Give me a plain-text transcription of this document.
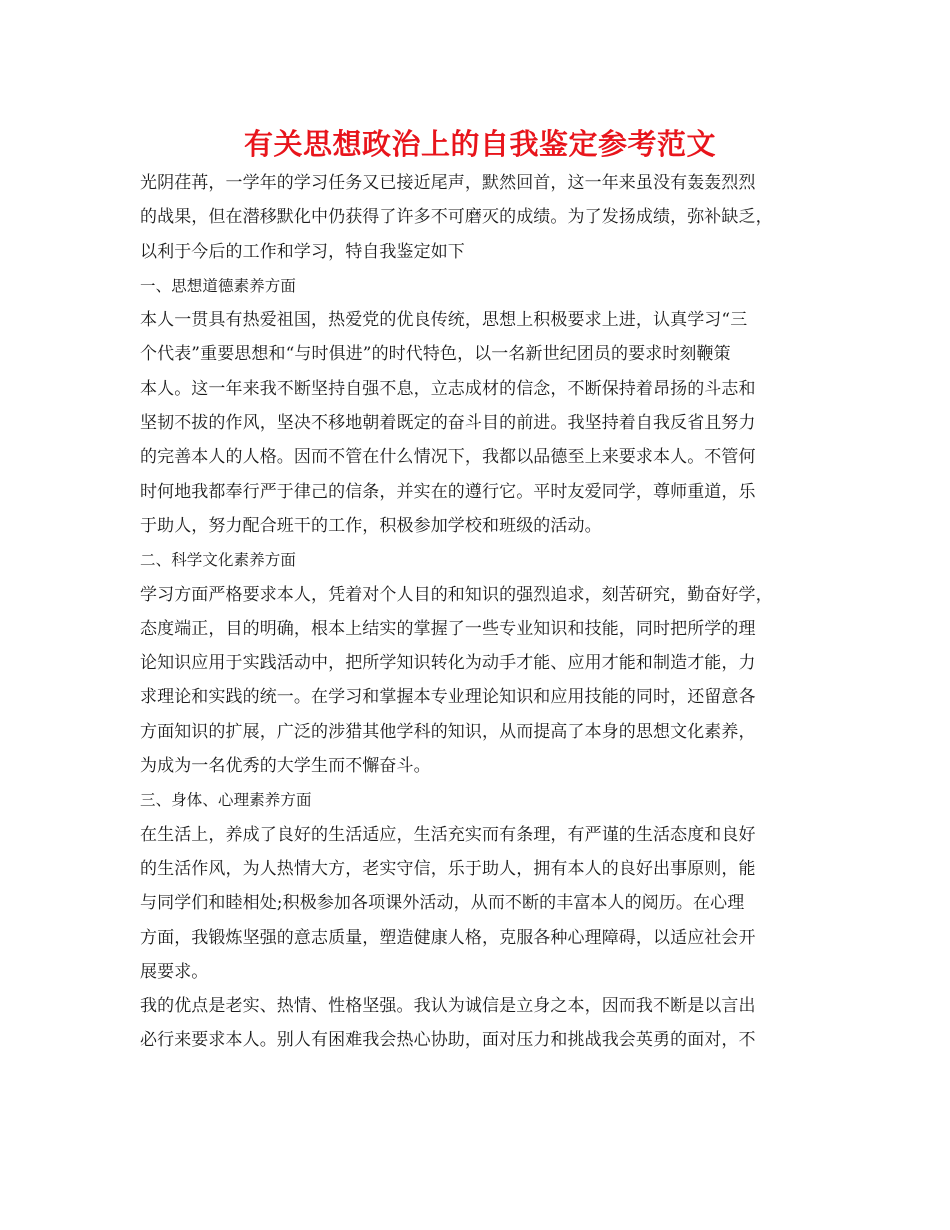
有关思想政治上的自我鉴定参考范文
光阴荏苒，一学年的学习任务又已接近尾声，默然回首，这一年来虽没有轰轰烈烈
的战果，但在潜移默化中仍获得了许多不可磨灭的成绩。为了发扬成绩，弥补缺乏，
以利于今后的工作和学习，特自我鉴定如下
一、思想道德素养方面
本人一贯具有热爱祖国，热爱党的优良传统，思想上积极要求上进，认真学习“三
个代表”重要思想和“与时俱进”的时代特色，以一名新世纪团员的要求时刻鞭策
本人。这一年来我不断坚持自强不息，立志成材的信念，不断保持着昂扬的斗志和
坚韧不拔的作风，坚决不移地朝着既定的奋斗目的前进。我坚持着自我反省且努力
的完善本人的人格。因而不管在什么情况下，我都以品德至上来要求本人。不管何
时何地我都奉行严于律己的信条，并实在的遵行它。平时友爱同学，尊师重道，乐
于助人，努力配合班干的工作，积极参加学校和班级的活动。
二、科学文化素养方面
学习方面严格要求本人，凭着对个人目的和知识的强烈追求，刻苦研究，勤奋好学，
态度端正，目的明确，根本上结实的掌握了一些专业知识和技能，同时把所学的理
论知识应用于实践活动中，把所学知识转化为动手才能、应用才能和制造才能，力
求理论和实践的统一。在学习和掌握本专业理论知识和应用技能的同时，还留意各
方面知识的扩展，广泛的涉猎其他学科的知识，从而提高了本身的思想文化素养，
为成为一名优秀的大学生而不懈奋斗。
三、身体、心理素养方面
在生活上，养成了良好的生活适应，生活充实而有条理，有严谨的生活态度和良好
的生活作风，为人热情大方，老实守信，乐于助人，拥有本人的良好出事原则，能
与同学们和睦相处;积极参加各项课外活动，从而不断的丰富本人的阅历。在心理
方面，我锻炼坚强的意志质量，塑造健康人格，克服各种心理障碍，以适应社会开
展要求。
我的优点是老实、热情、性格坚强。我认为诚信是立身之本，因而我不断是以言出
必行来要求本人。别人有困难我会热心协助，面对压力和挑战我会英勇的面对，不
